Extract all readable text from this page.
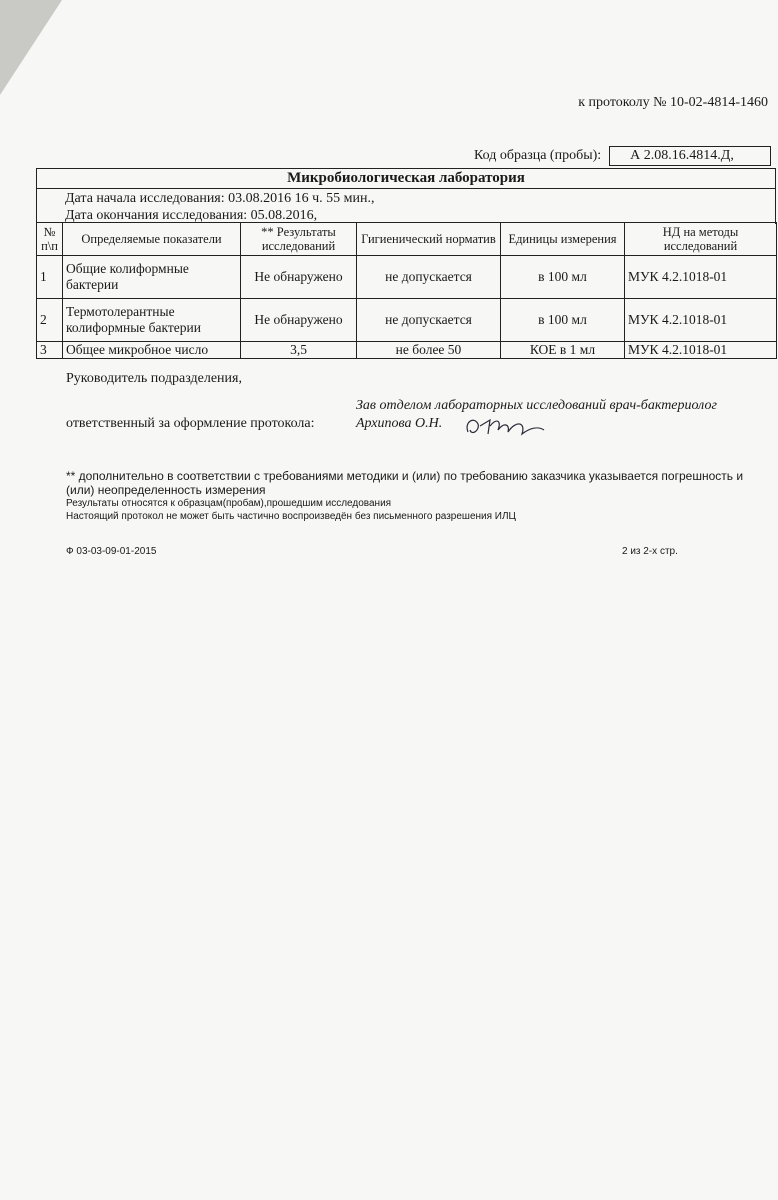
к протоколу № 10-02-4814-1460
Код образца (пробы):	А 2.08.16.4814.Д,
Микробиологическая лаборатория
Дата начала исследования: 03.08.2016 16 ч. 55 мин.,
Дата окончания исследования: 05.08.2016,
№ п\п	Определяемые показатели	** Результаты исследований	Гигиенический норматив	Единицы измерения	НД на методы исследований
1	Общие колиформные бактерии	Не обнаружено	не допускается	в 100 мл	МУК 4.2.1018-01
2	Термотолерантные колиформные бактерии	Не обнаружено	не допускается	в 100 мл	МУК 4.2.1018-01
3	Общее микробное число	3,5	не более 50	КОЕ в 1 мл	МУК 4.2.1018-01
Руководитель подразделения,
ответственный за оформление протокола:
Зав отделом лабораторных исследований врач-бактериолог
Архипова О.Н.
** дополнительно в соответствии с требованиями методики и (или) по требованию заказчика указывается погрешность и (или) неопределенность измерения
Результаты относятся к образцам(пробам),прошедшим исследования
Настоящий протокол не может быть частично воспроизведён без письменного разрешения ИЛЦ
Ф 03-03-09-01-2015	2 из 2-х стр.
